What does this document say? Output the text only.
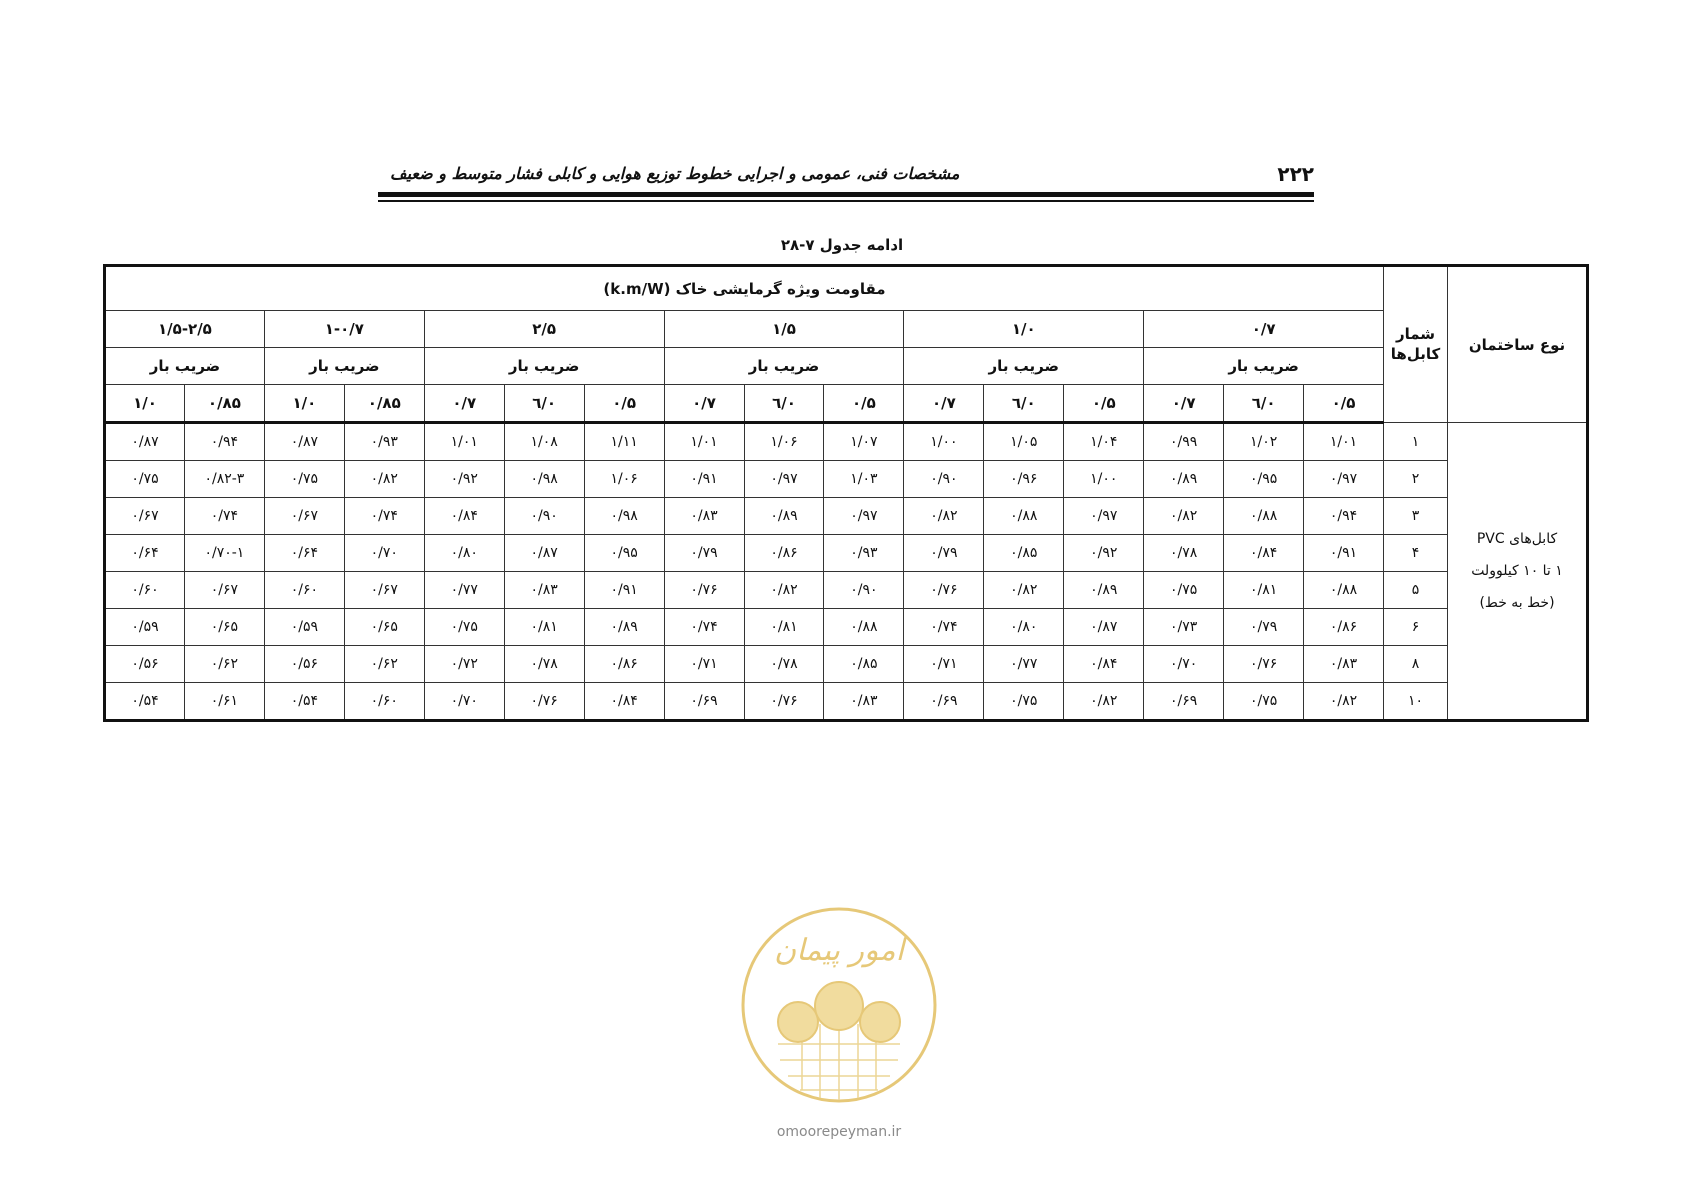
مشخصات فنی، عمومی و اجرایی خطوط توزیع هوایی و کابلی فشار متوسط و ضعیف	۲۲۲
ادامه جدول ۷-۲۸
نوع ساختمان	شمار کابل‌ها	مقاومت ویژه گرمایشی خاک (k.m/W)															
		۰/۷			۱/۰			۱/۵			۲/۵			۱-۰/۷		۱/۵-۲/۵	
		ضریب بار			ضریب بار			ضریب بار			ضریب بار			ضریب بار		ضریب بار	
		۰/۵	۰/٦	۰/۷	۰/۵	۰/٦	۰/۷	۰/۵	۰/٦	۰/۷	۰/۵	۰/٦	۰/۷	۰/۸۵	۱/۰	۰/۸۵	۱/۰

کابل‌های PVC
۱ تا ۱۰ کیلوولت
(خط به خط)	۱	۱/۰۱	۱/۰۲	۰/۹۹	۱/۰۴	۱/۰۵	۱/۰۰	۱/۰۷	۱/۰۶	۱/۰۱	۱/۱۱	۱/۰۸	۱/۰۱	۰/۹۳	۰/۸۷	۰/۹۴	۰/۸۷
	۲	۰/۹۷	۰/۹۵	۰/۸۹	۱/۰۰	۰/۹۶	۰/۹۰	۱/۰۳	۰/۹۷	۰/۹۱	۱/۰۶	۰/۹۸	۰/۹۲	۰/۸۲	۰/۷۵	۰/۸۲-۳	۰/۷۵
	۳	۰/۹۴	۰/۸۸	۰/۸۲	۰/۹۷	۰/۸۸	۰/۸۲	۰/۹۷	۰/۸۹	۰/۸۳	۰/۹۸	۰/۹۰	۰/۸۴	۰/۷۴	۰/۶۷	۰/۷۴	۰/۶۷
	۴	۰/۹۱	۰/۸۴	۰/۷۸	۰/۹۲	۰/۸۵	۰/۷۹	۰/۹۳	۰/۸۶	۰/۷۹	۰/۹۵	۰/۸۷	۰/۸۰	۰/۷۰	۰/۶۴	۰/۷۰-۱	۰/۶۴
	۵	۰/۸۸	۰/۸۱	۰/۷۵	۰/۸۹	۰/۸۲	۰/۷۶	۰/۹۰	۰/۸۲	۰/۷۶	۰/۹۱	۰/۸۳	۰/۷۷	۰/۶۷	۰/۶۰	۰/۶۷	۰/۶۰
	۶	۰/۸۶	۰/۷۹	۰/۷۳	۰/۸۷	۰/۸۰	۰/۷۴	۰/۸۸	۰/۸۱	۰/۷۴	۰/۸۹	۰/۸۱	۰/۷۵	۰/۶۵	۰/۵۹	۰/۶۵	۰/۵۹
	۸	۰/۸۳	۰/۷۶	۰/۷۰	۰/۸۴	۰/۷۷	۰/۷۱	۰/۸۵	۰/۷۸	۰/۷۱	۰/۸۶	۰/۷۸	۰/۷۲	۰/۶۲	۰/۵۶	۰/۶۲	۰/۵۶
	۱۰	۰/۸۲	۰/۷۵	۰/۶۹	۰/۸۲	۰/۷۵	۰/۶۹	۰/۸۳	۰/۷۶	۰/۶۹	۰/۸۴	۰/۷۶	۰/۷۰	۰/۶۰	۰/۵۴	۰/۶۱	۰/۵۴
امور پیمان
omoorepeyman.ir
